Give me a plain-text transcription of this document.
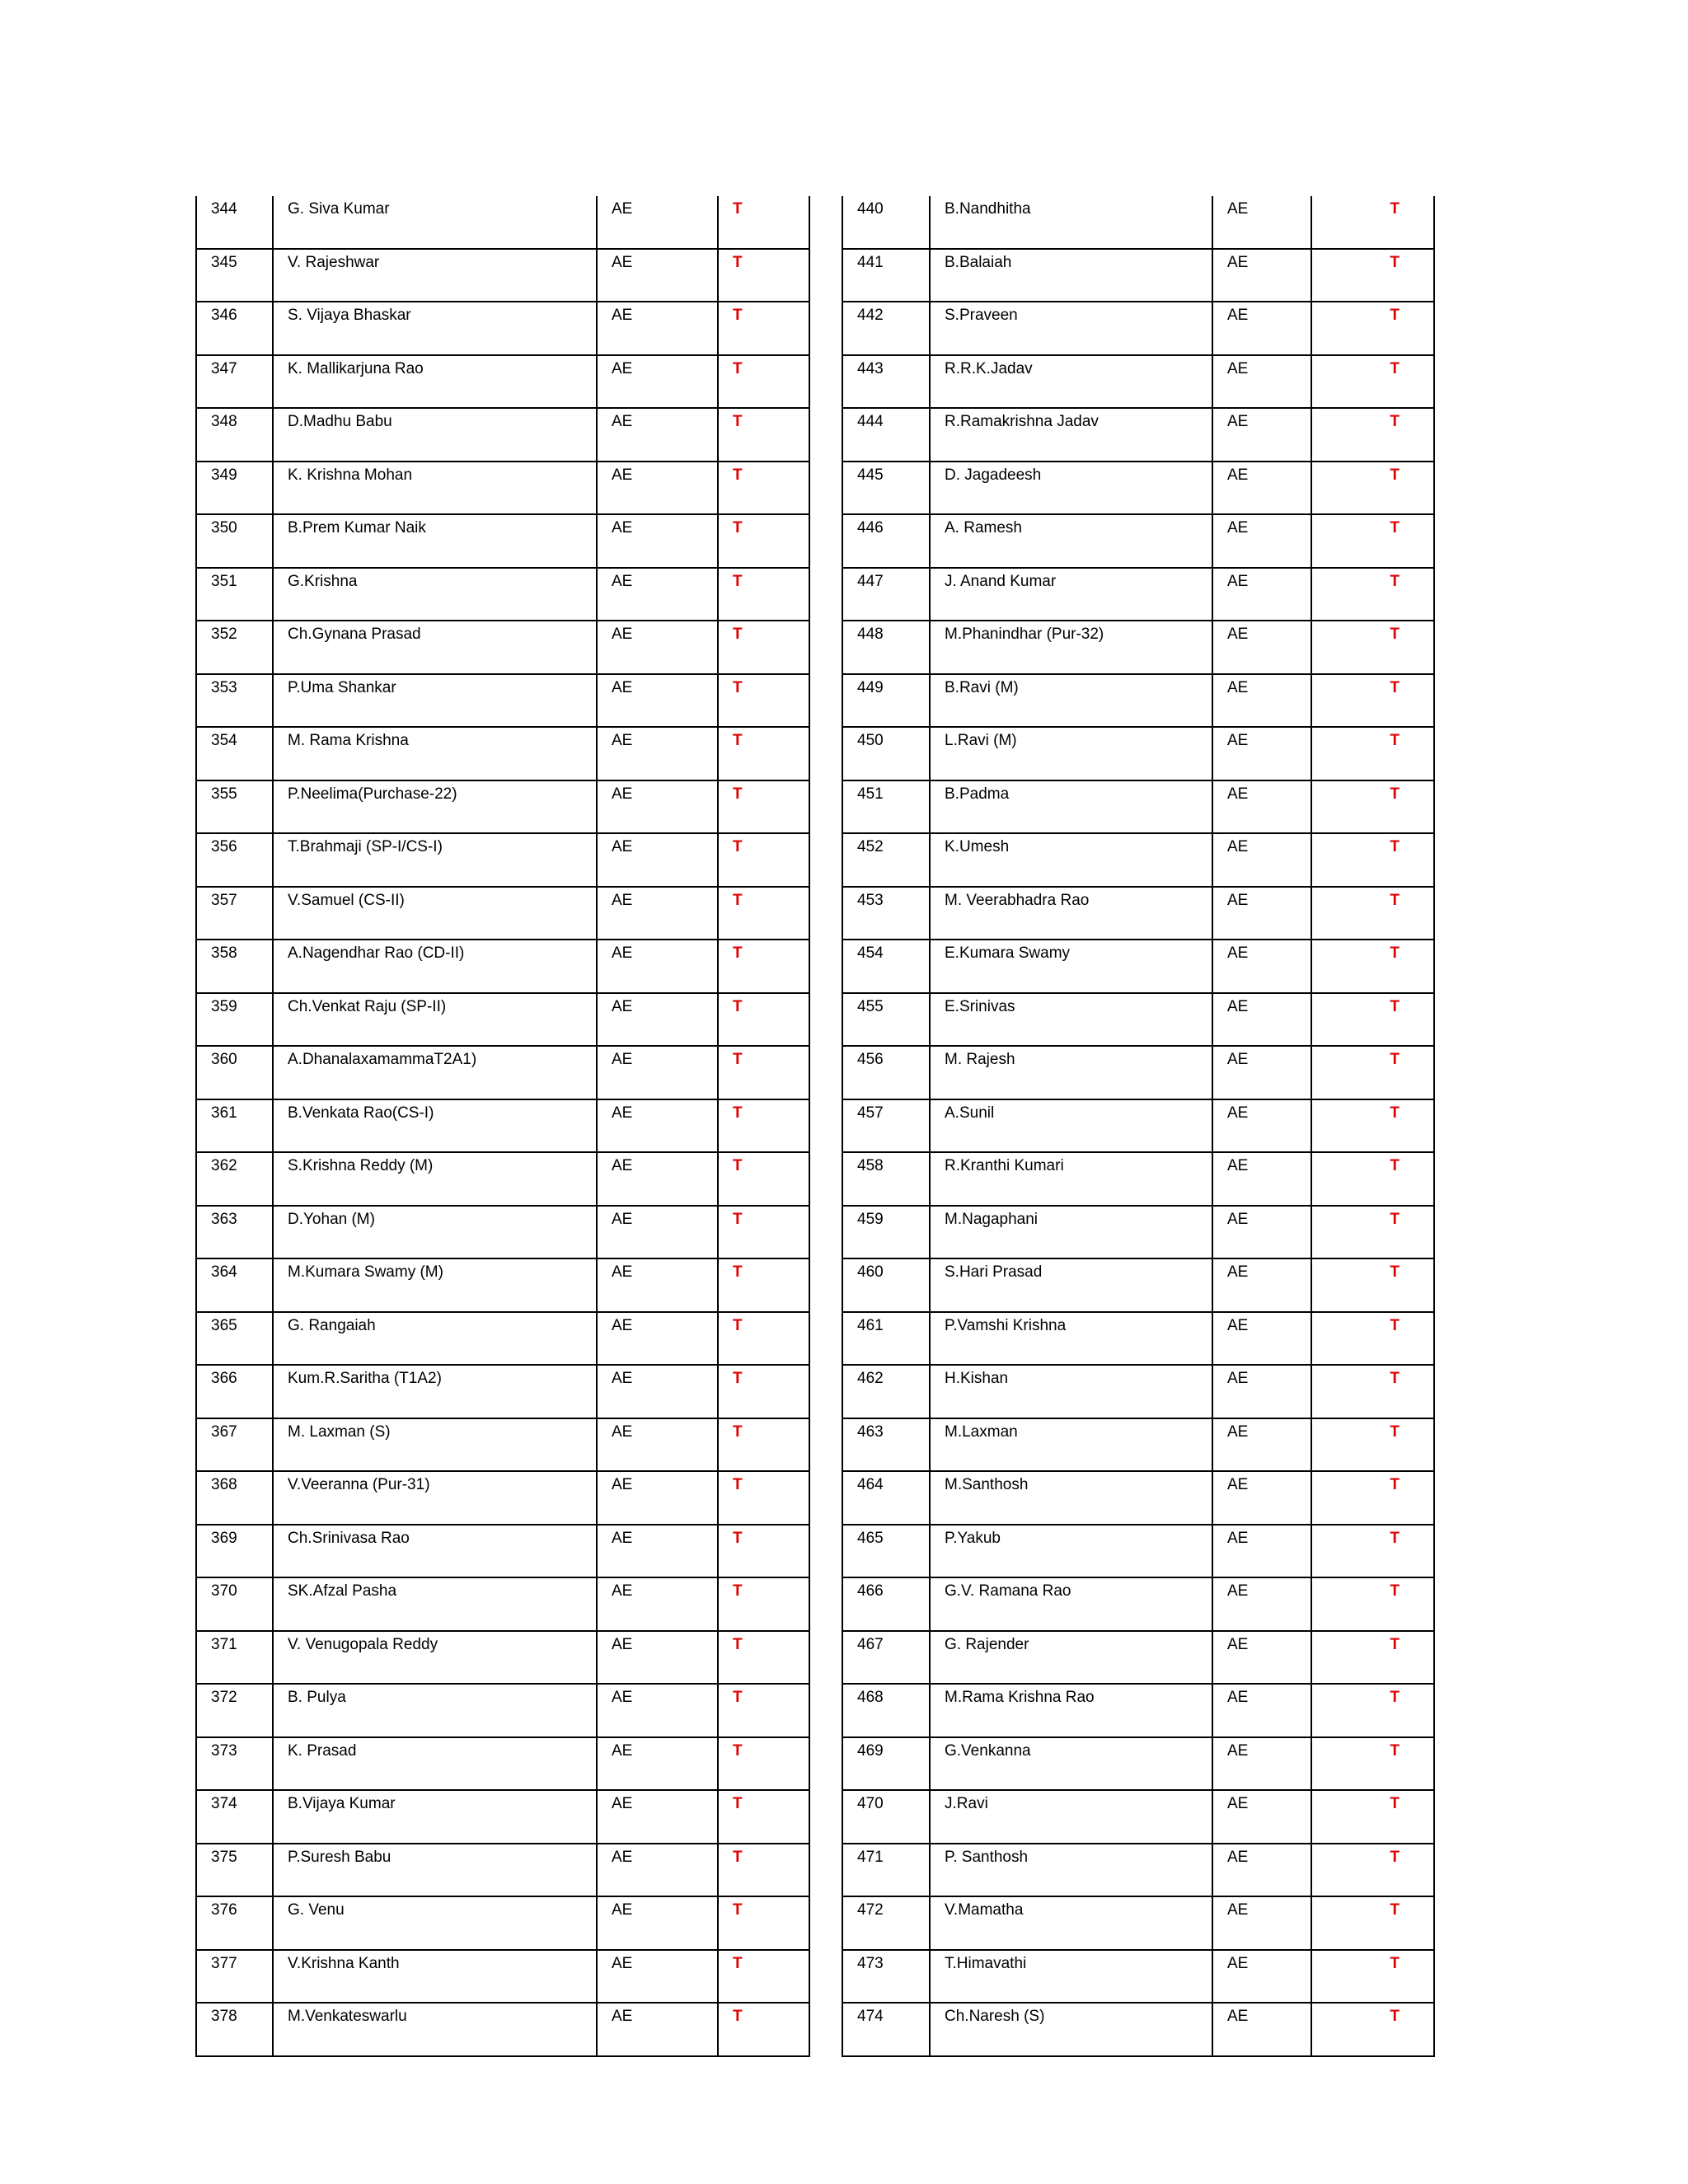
344	G. Siva Kumar	AE	T
345	V. Rajeshwar	AE	T
346	S. Vijaya Bhaskar	AE	T
347	K. Mallikarjuna Rao	AE	T
348	D.Madhu Babu	AE	T
349	K. Krishna Mohan	AE	T
350	B.Prem Kumar Naik	AE	T
351	G.Krishna	AE	T
352	Ch.Gynana Prasad	AE	T
353	P.Uma Shankar	AE	T
354	M. Rama Krishna	AE	T
355	P.Neelima(Purchase-22)	AE	T
356	T.Brahmaji (SP-I/CS-I)	AE	T
357	V.Samuel (CS-II)	AE	T
358	A.Nagendhar Rao (CD-II)	AE	T
359	Ch.Venkat Raju (SP-II)	AE	T
360	A.DhanalaxamammaT2A1)	AE	T
361	B.Venkata Rao(CS-I)	AE	T
362	S.Krishna Reddy (M)	AE	T
363	D.Yohan (M)	AE	T
364	M.Kumara Swamy (M)	AE	T
365	G. Rangaiah	AE	T
366	Kum.R.Saritha (T1A2)	AE	T
367	M. Laxman (S)	AE	T
368	V.Veeranna (Pur-31)	AE	T
369	Ch.Srinivasa Rao	AE	T
370	SK.Afzal Pasha	AE	T
371	V. Venugopala Reddy	AE	T
372	B. Pulya	AE	T
373	K. Prasad	AE	T
374	B.Vijaya Kumar	AE	T
375	P.Suresh Babu	AE	T
376	G. Venu	AE	T
377	V.Krishna Kanth	AE	T
378	M.Venkateswarlu	AE	T
440	B.Nandhitha	AE	T
441	B.Balaiah	AE	T
442	S.Praveen	AE	T
443	R.R.K.Jadav	AE	T
444	R.Ramakrishna Jadav	AE	T
445	D. Jagadeesh	AE	T
446	A. Ramesh	AE	T
447	J. Anand Kumar	AE	T
448	M.Phanindhar (Pur-32)	AE	T
449	B.Ravi (M)	AE	T
450	L.Ravi (M)	AE	T
451	B.Padma	AE	T
452	K.Umesh	AE	T
453	M. Veerabhadra Rao	AE	T
454	E.Kumara Swamy	AE	T
455	E.Srinivas	AE	T
456	M. Rajesh	AE	T
457	A.Sunil	AE	T
458	R.Kranthi Kumari	AE	T
459	M.Nagaphani	AE	T
460	S.Hari Prasad	AE	T
461	P.Vamshi Krishna	AE	T
462	H.Kishan	AE	T
463	M.Laxman	AE	T
464	M.Santhosh	AE	T
465	P.Yakub	AE	T
466	G.V. Ramana Rao	AE	T
467	G. Rajender	AE	T
468	M.Rama Krishna Rao	AE	T
469	G.Venkanna	AE	T
470	J.Ravi	AE	T
471	P. Santhosh	AE	T
472	V.Mamatha	AE	T
473	T.Himavathi	AE	T
474	Ch.Naresh (S)	AE	T
